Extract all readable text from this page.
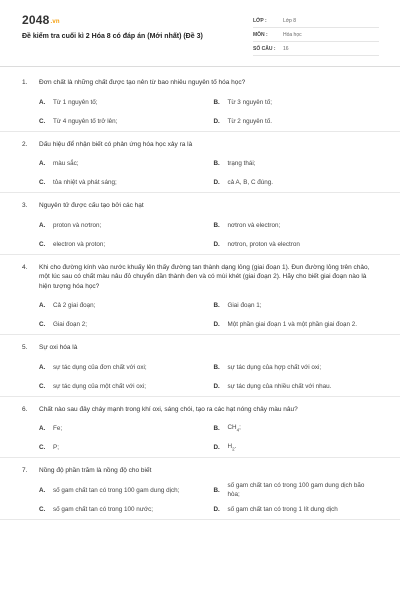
2048.vn
Đề kiểm tra cuối kì 2 Hóa 8 có đáp án (Mới nhất) (Đề 3)
LỚP :	Lớp 8
MÔN :	Hóa học
SỐ CÂU :	16
1.	Đơn chất là những chất được tạo nên từ bao nhiêu nguyên tố hóa học?
A.	Từ 1 nguyên tố;	B.	Từ 3 nguyên tố;
C.	Từ 4 nguyên tố trở lên;	D.	Từ 2 nguyên tố.
2.	Dấu hiệu để nhận biết có phản ứng hóa học xảy ra là
A.	màu sắc;	B.	trạng thái;
C.	tỏa nhiệt và phát sáng;	D.	cả A, B, C đúng.
3.	Nguyên tử được cấu tạo bởi các hạt
A.	proton và nơtron;	B.	nơtron và electron;
C.	electron và proton;	D.	nơtron, proton và electron
4.	Khi cho đường kính vào nước khuấy lên thấy đường tan thành dạng lỏng (giai đoạn 1). Đun đường lỏng trên chảo, một lúc sau có chất màu nâu đỏ chuyển dần thành đen và có mùi khét (giai đoạn 2). Hãy cho biết giai đoạn nào là hiện tượng hóa học?
A.	Cả 2 giai đoạn;	B.	Giai đoạn 1;
C.	Giai đoạn 2;	D.	Một phần giai đoạn 1 và một phần giai đoạn 2.
5.	Sự oxi hóa là
A.	sự tác dụng của đơn chất với oxi;	B.	sự tác dụng của hợp chất với oxi;
C.	sự tác dụng của một chất với oxi;	D.	sự tác dụng của nhiều chất với nhau.
6.	Chất nào sau đây cháy mạnh trong khí oxi, sáng chói, tạo ra các hạt nóng chảy màu nâu?
A.	Fe;	B.	$CH_4$;
C.	P;	D.	$H_2$.
7.	Nồng độ phần trăm là nồng độ cho biết
A.	số gam chất tan có trong 100 gam dung dịch;	B.
số gam chất tan có trong 100 gam dung dịch bão hòa;
C.	số gam chất tan có trong 100 nước;	D.	số gam chất tan có trong 1 lít dung dịch
